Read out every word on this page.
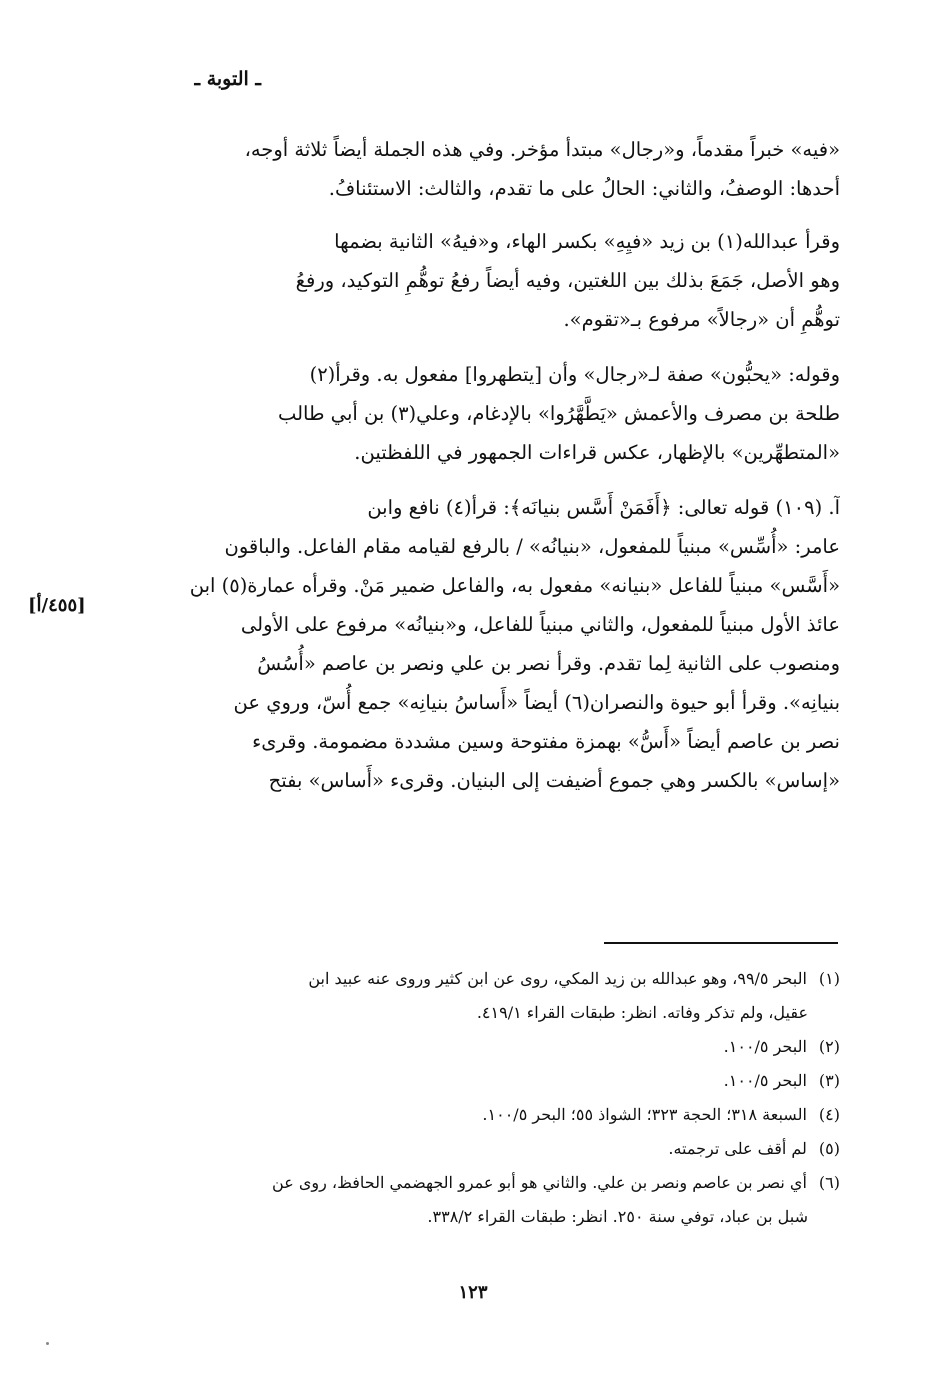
ـ التوبة ـ

«فيه» خبراً مقدماً، و«رجال» مبتدأ مؤخر. وفي هذه الجملة أيضاً ثلاثة أوجه،
أحدها: الوصفُ، والثاني: الحالُ على ما تقدم، والثالث: الاستئنافُ.

وقرأ عبدالله(١) بن زيد «فيِهِ» بكسر الهاء، و«فيهُ» الثانية بضمها
وهو الأصل، جَمَعَ بذلك بين اللغتين، وفيه أيضاً رفعُ توهُّمِ التوكيد، ورفعُ
توهُّمِ أن «رجالاً» مرفوع بـ«تقوم».

وقوله: «يحبُّون» صفة لـ«رجال» وأن [يتطهروا] مفعول به. وقرأ(٢)
طلحة بن مصرف والأعمش «يَطَّهَّرُوا» بالإدغام، وعلي(٣) بن أبي طالب
«المتطهِّرين» بالإظهار، عكس قراءات الجمهور في اللفظتين.

آ. (١٠٩) قوله تعالى: ﴿أَفَمَنْ أَسَّس بنيانَه﴾: قرأ(٤) نافع وابن
عامر: «أُسِّس» مبنياً للمفعول، «بنيانُه» / بالرفع لقيامه مقام الفاعل. والباقون
«أَسَّس» مبنياً للفاعل «بنيانه» مفعول به، والفاعل ضمير مَنْ. وقرأه عمارة(٥) ابن
عائذ الأول مبنياً للمفعول، والثاني مبنياً للفاعل، و«بنيانُه» مرفوع على الأولى
ومنصوب على الثانية لِما تقدم. وقرأ نصر بن علي ونصر بن عاصم «أُسُسُ
بنيانِه». وقرأ أبو حيوة والنصران(٦) أيضاً «أَساسُ بنيانِه» جمع أُسّ، وروي عن
نصر بن عاصم أيضاً «أَسُّ» بهمزة مفتوحة وسين مشددة مضمومة. وقرىء
«إساس» بالكسر وهي جموع أضيفت إلى البنيان. وقرىء «أَساس» بفتح

[٤٥٥/أ]
(١) البحر ٩٩/٥، وهو عبدالله بن زيد المكي، روى عن ابن كثير وروى عنه عبيد ابن
عقيل، ولم تذكر وفاته. انظر: طبقات القراء ٤١٩/١.
(٢) البحر ١٠٠/٥.
(٣) البحر ١٠٠/٥.
(٤) السبعة ٣١٨؛ الحجة ٣٢٣؛ الشواذ ٥٥؛ البحر ١٠٠/٥.
(٥) لم أقف على ترجمته.
(٦) أي نصر بن عاصم ونصر بن علي. والثاني هو أبو عمرو الجهضمي الحافظ، روى عن
شبل بن عباد، توفي سنة ٢٥٠. انظر: طبقات القراء ٣٣٨/٢.
١٢٣
